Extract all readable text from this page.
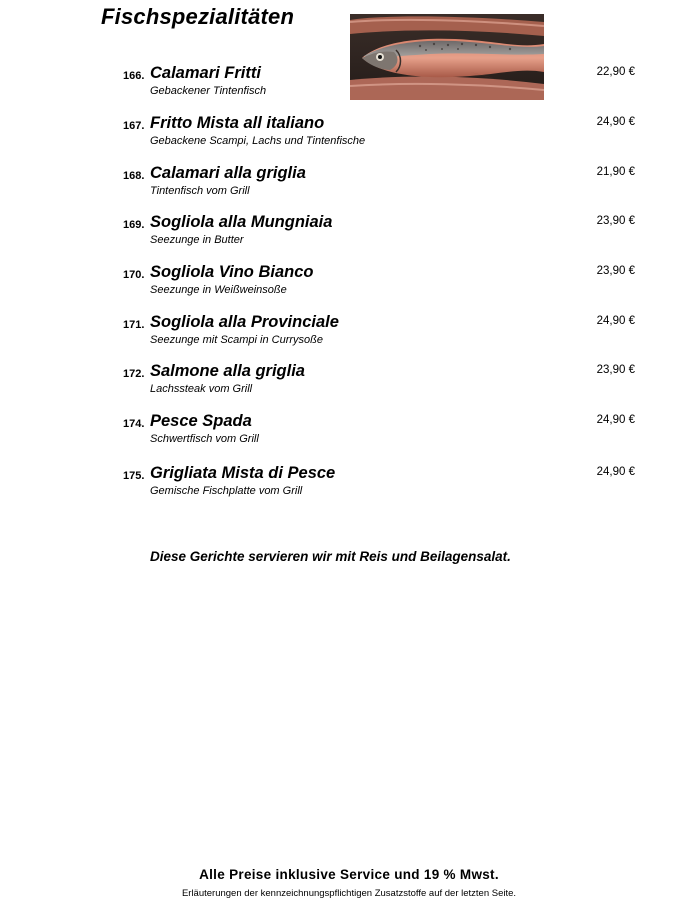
Fischspezialitäten
166. Calamari Fritti
Gebackener Tintenfisch
22,90 €
167. Fritto Mista all italiano
Gebackene Scampi, Lachs und Tintenfische
24,90 €
168. Calamari alla griglia
Tintenfisch vom Grill
21,90 €
169. Sogliola alla Mungniaia
Seezunge in Butter
23,90 €
170. Sogliola Vino Bianco
Seezunge in Weißweinsoße
23,90 €
171. Sogliola alla Provinciale
Seezunge mit Scampi in Currysoße
24,90 €
172. Salmone alla griglia
Lachssteak vom Grill
23,90 €
174. Pesce Spada
Schwertfisch vom Grill
24,90 €
175. Grigliata Mista di Pesce
Gemische Fischplatte vom Grill
24,90 €
Diese Gerichte servieren wir mit Reis und Beilagensalat.
Alle Preise inklusive Service und 19 % Mwst.
Erläuterungen der kennzeichnungspflichtigen Zusatzstoffe auf der letzten Seite.
